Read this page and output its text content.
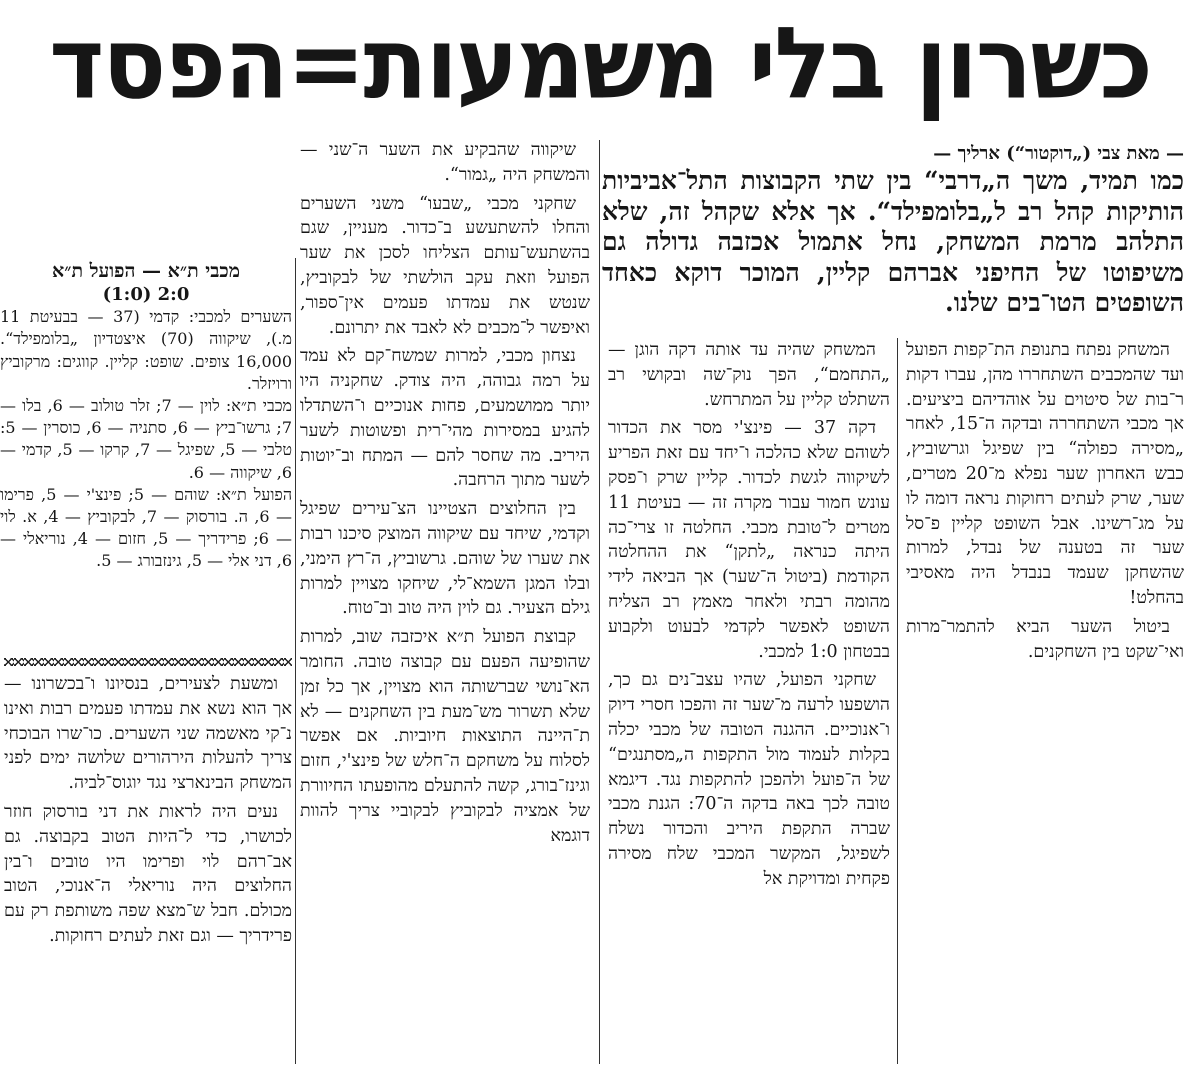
כשרון בלי משמעות=הפסד
— מאת צבי („דוקטור“) ארליך —
כמו תמיד, משך ה„דרבי“ בין שתי הקבוצות התל־אביביות הותיקות קהל רב ל„בלומפילד“. אך אלא שקהל זה, שלא התלהב מרמת המשחק, נחל אתמול אכזבה גדולה גם משיפוטו של החיפני אברהם קליין, המוכר דוקא כאחד השופטים הטו־בים שלנו.

המשחק נפתח בתנופת הת־קפות הפועל ועד שהמכבים השתחררו מהן, עברו דקות ר־בות של סיטוים על אוהדיהם ביציעים. אך מכבי השתחררה ובדקה ה־15, לאחר „מסירה כפולה“ בין שפיגל וגרשוביץ, כבש האחרון שער נפלא מ־20 מטרים, שער, שרק לעתים רחוקות נראה דומה לו על מג־רשינו. אבל השופט קליין פ־סל שער זה בטענה של נבדל, למרות שהשחקן שעמד בנבדל היה מאסיבי בהחלט!

ביטול השער הביא להתמר־מרות ואי־שקט בין השחקנים.

המשחק שהיה עד אותה דקה הוגן — „התחמם“, הפך נוק־שה ובקושי רב השתלט קליין על המתרחש.

דקה 37 — פינצ'י מסר את הכדור לשוהם שלא כהלכה ו־יחד עם זאת הפריע לשיקווה לגשת לכדור. קליין שרק ו־פסק עונש חמור עבור מקרה זה — בעיטת 11 מטרים ל־טובת מכבי. החלטה זו צרי־כה היתה כנראה „לתקן“ את ההחלטה הקודמת (ביטול ה־שער) אך הביאה לידי מהומה רבתי ולאחר מאמץ רב הצליח השופט לאפשר לקדמי לבעוט ולקבוע בבטחון 1:0 למכבי.

שחקני הפועל, שהיו עצב־נים גם כך, הושפעו לרעה מ־שער זה והפכו חסרי דיוק ו־אנוכיים. ההגנה הטובה של מכבי יכלה בקלות לעמוד מול התקפות ה„מסתנגים“ של ה־פועל ולהפכן להתקפות נגד. דיגמא טובה לכך באה בדקה ה־70: הגנת מכבי שברה התקפת היריב והכדור נשלח לשפיגל, המקשר המכבי שלח מסירה פקחית ומדויקת אל

שיקווה שהבקיע את השער ה־שני — והמשחק היה „גמור“.

שחקני מכבי „שבעו“ משני השערים והחלו להשתעשע ב־כדור. מעניין, שגם בהשתעש־עותם הצליחו לסכן את שער הפועל וזאת עקב הולשתי של לבקוביץ, שנטש את עמדתו פעמים אין־ספור, ואיפשר ל־מכבים לא לאבד את יתרונם.

נצחון מכבי, למרות שמשח־קם לא עמד על רמה גבוהה, היה צודק. שחקניה היו יותר ממושמעים, פחות אנוכיים ו־השתדלו להגיע במסירות מהי־רית ופשוטות לשער היריב. מה שחסר להם — המתח וב־יוטות לשער מתוך הרחבה.

בין החלוצים הצטיינו הצ־עירים שפיגל וקדמי, שיחד עם שיקווה המוצק סיכנו רבות את שערו של שוהם. גרשוביץ, ה־רץ הימני, ובלו המגן השמא־לי, שיחקו מצויין למרות גילם הצעיר. גם לוין היה טוב וב־טוח.

קבוצת הפועל ת״א איכזבה שוב, למרות שהופיעה הפעם עם קבוצה טובה. החומר הא־נושי שברשותה הוא מצויין, אך כל זמן שלא תשרור מש־מעת בין השחקנים — לא ת־היינה התוצאות חיוביות. אם אפשר לסלוח על משחקם ה־חלש של פינצ'י, חזום וגינז־בורג, קשה להתעלם מהופעתו החיוורת של אמציה לבקוביץ לבקוביי צריך להוות דוגמא

מכבי ת״א — הפועל ת״א
2:0 (1:0)

השערים למכבי: קדמי (37 — בבעיטת 11 מ.), שיקווה (70) איצטדיון „בלומפילד“. 16,000 צופים. שופט: קליין. קווגים: מרקוביץ ורויזלר.

מכבי ת״א: לוין — 7; זלר טולוב — 6, בלו — 7; גרשו־ביץ — 6, סתניה — 6, כוסרין — 5: טלבי — 5, שפיגל — 7, קרקו — 5, קדמי — 6, שיקווה — 6.

הפועל ת״א: שוהם — 5; פינצ'י — 5, פרימו — 6, ה. בורסוק — 7, לבקוביץ — 4, א. לוי — 6; פרידריך — 5, חזום — 4, נוריאלי — 6, דני אלי — 5, גינזבורג — 5.

ומשעת לצעירים, בנסיונו ו־בכשרונו — אך הוא נשא את עמדתו פעמים רבות ואינו נ־קי מאשמה שני השערים. כו־שרו הבוכחי צריך להעלות הירהורים שלושה ימים לפני המשחק הבינארצי נגד יוגוס־לביה.

נעים היה לראות את דני בורסוק חוזר לכושרו, כדי ל־היות הטוב בקבוצה. גם אב־רהם לוי ופרימו היו טובים ו־בין החלוצים היה נוריאלי ה־אנוכי, הטוב מכולם. חבל ש־מצא שפה משותפת רק עם פרידריך — וגם זאת לעתים רחוקות.
